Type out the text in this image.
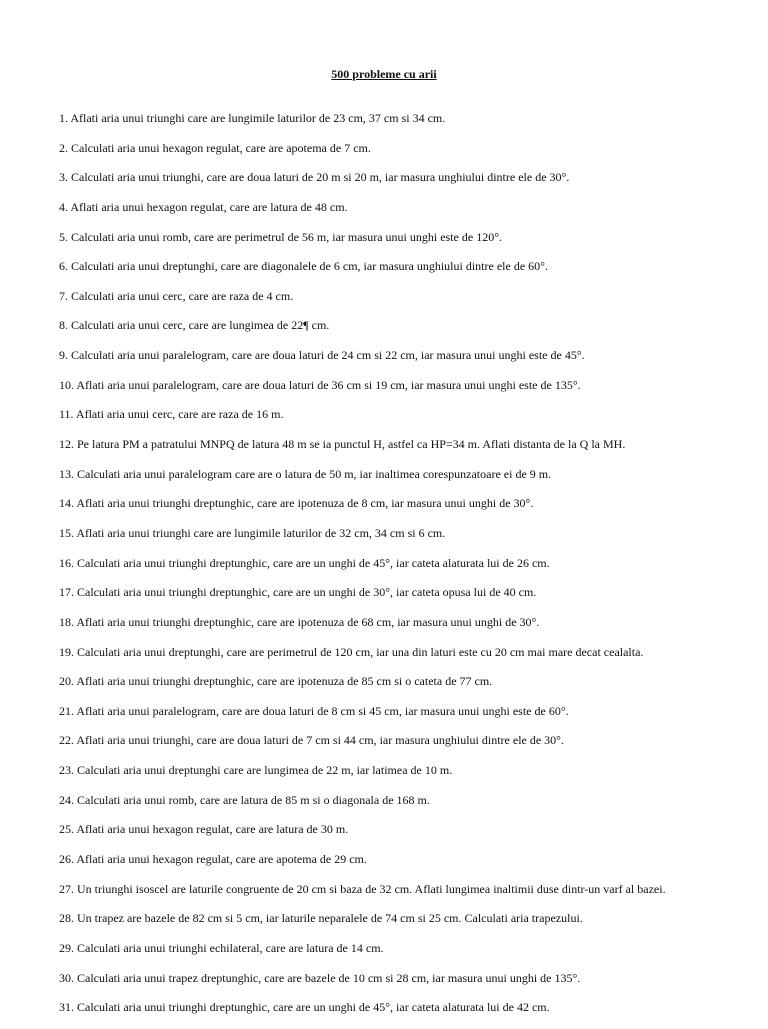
500 probleme cu arii
1. Aflati aria unui triunghi care are lungimile laturilor de 23 cm, 37 cm si 34 cm.
2. Calculati aria unui hexagon regulat, care are apotema de 7 cm.
3. Calculati aria unui triunghi, care are doua laturi de 20 m si 20 m, iar masura unghiului dintre ele de 30°.
4. Aflati aria unui hexagon regulat, care are latura de 48 cm.
5. Calculati aria unui romb, care are perimetrul de 56 m, iar masura unui unghi este de 120°.
6. Calculati aria unui dreptunghi, care are diagonalele de 6 cm, iar masura unghiului dintre ele de 60°.
7. Calculati aria unui cerc, care are raza de 4 cm.
8. Calculati aria unui cerc, care are lungimea de 22¶ cm.
9. Calculati aria unui paralelogram, care are doua laturi de 24 cm si 22 cm, iar masura unui unghi este de 45°.
10. Aflati aria unui paralelogram, care are doua laturi de 36 cm si 19 cm, iar masura unui unghi este de 135°.
11. Aflati aria unui cerc, care are raza de 16 m.
12. Pe latura PM a patratului MNPQ de latura 48 m se ia punctul H, astfel ca HP=34 m. Aflati distanta de la Q la MH.
13. Calculati aria unui paralelogram care are o latura de 50 m, iar inaltimea corespunzatoare ei de 9 m.
14. Aflati aria unui triunghi dreptunghic, care are ipotenuza de 8 cm, iar masura unui unghi de 30°.
15. Aflati aria unui triunghi care are lungimile laturilor de 32 cm, 34 cm si 6 cm.
16. Calculati aria unui triunghi dreptunghic, care are un unghi de 45°, iar cateta alaturata lui de 26 cm.
17. Calculati aria unui triunghi dreptunghic, care are un unghi de 30°, iar cateta opusa lui de 40 cm.
18. Aflati aria unui triunghi dreptunghic, care are ipotenuza de 68 cm, iar masura unui unghi de 30°.
19. Calculati aria unui dreptunghi, care are perimetrul de 120 cm, iar una din laturi este cu 20 cm mai mare decat cealalta.
20. Aflati aria unui triunghi dreptunghic, care are ipotenuza de 85 cm si o cateta de 77 cm.
21. Aflati aria unui paralelogram, care are doua laturi de 8 cm si 45 cm, iar masura unui unghi este de 60°.
22. Aflati aria unui triunghi, care are doua laturi de 7 cm si 44 cm, iar masura unghiului dintre ele de 30°.
23. Calculati aria unui dreptunghi care are lungimea de 22 m, iar latimea de 10 m.
24. Calculati aria unui romb, care are latura de 85 m si o diagonala de 168 m.
25. Aflati aria unui hexagon regulat, care are latura de 30 m.
26. Aflati aria unui hexagon regulat, care are apotema de 29 cm.
27. Un triunghi isoscel are laturile congruente de 20 cm si baza de 32 cm. Aflati lungimea inaltimii duse dintr-un varf al bazei.
28. Un trapez are bazele de 82 cm si 5 cm, iar laturile neparalele de 74 cm si 25 cm. Calculati aria trapezului.
29. Calculati aria unui triunghi echilateral, care are latura de 14 cm.
30. Calculati aria unui trapez dreptunghic, care are bazele de 10 cm si 28 cm, iar masura unui unghi de 135°.
31. Calculati aria unui triunghi dreptunghic, care are un unghi de 45°, iar cateta alaturata lui de 42 cm.
